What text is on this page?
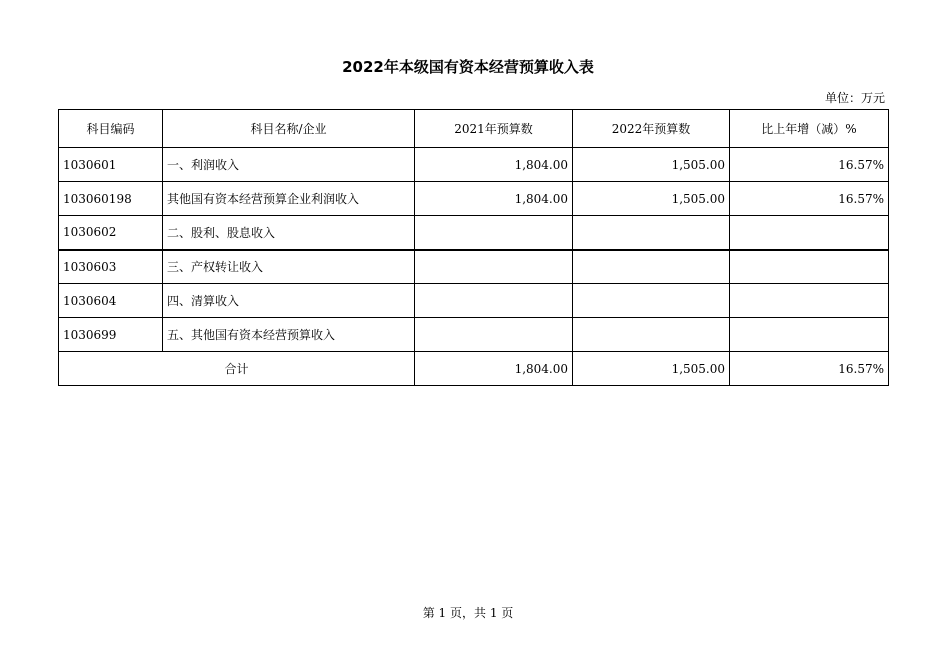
2022年本级国有资本经营预算收入表
单位：万元
科目编码	科目名称/企业	2021年预算数	2022年预算数	比上年增（减）%
1030601	一、利润收入	1,804.00	1,505.00	16.57%
103060198	其他国有资本经营预算企业利润收入	1,804.00	1,505.00	16.57%
1030602	二、股利、股息收入			
1030603	三、产权转让收入			
1030604	四、清算收入			
1030699	五、其他国有资本经营预算收入			
合计		1,804.00	1,505.00	16.57%
第 1 页，共 1 页
